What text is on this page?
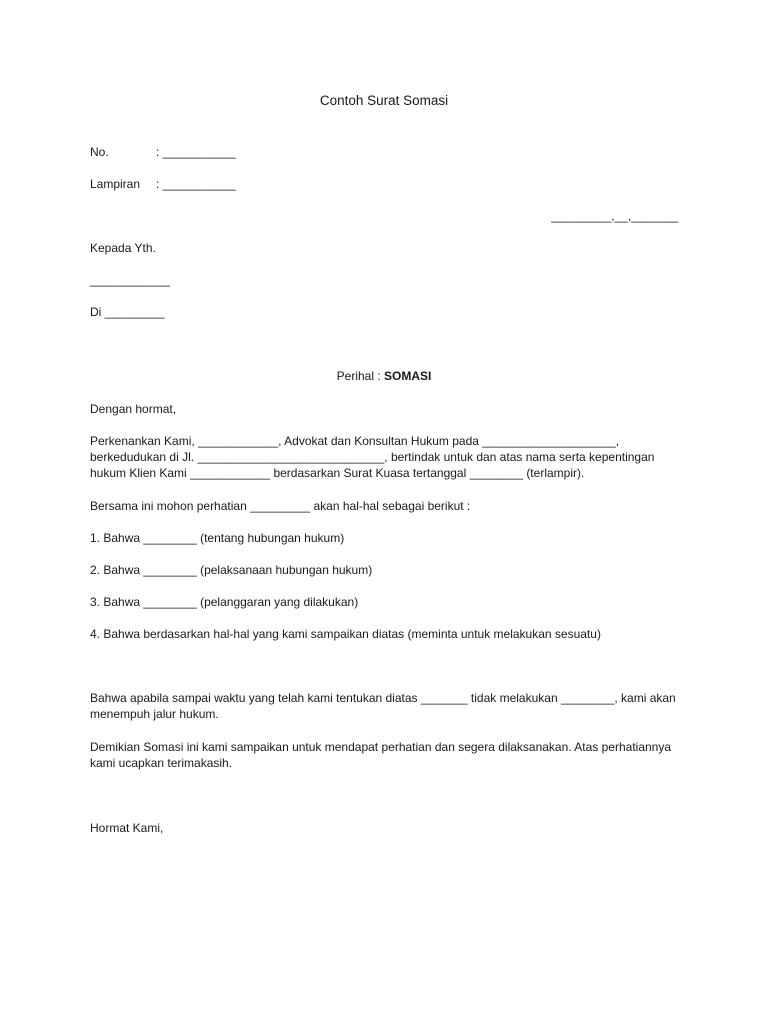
Contoh Surat Somasi
No.	: ___________
Lampiran : ___________
_________,__,_______
Kepada Yth.
____________
Di _________
Perihal : SOMASI
Dengan hormat,
Perkenankan Kami, ____________, Advokat dan Konsultan Hukum pada ____________________,
berkedudukan di Jl. ____________________________, bertindak untuk dan atas nama serta kepentingan
hukum Klien Kami ____________ berdasarkan Surat Kuasa tertanggal ________ (terlampir).
Bersama ini mohon perhatian _________ akan hal-hal sebagai berikut :
1. Bahwa ________ (tentang hubungan hukum)
2. Bahwa ________ (pelaksanaan hubungan hukum)
3. Bahwa ________ (pelanggaran yang dilakukan)
4. Bahwa berdasarkan hal-hal yang kami sampaikan diatas (meminta untuk melakukan sesuatu)
Bahwa apabila sampai waktu yang telah kami tentukan diatas _______ tidak melakukan ________, kami akan
menempuh jalur hukum.
Demikian Somasi ini kami sampaikan untuk mendapat perhatian dan segera dilaksanakan. Atas perhatiannya
kami ucapkan terimakasih.
Hormat Kami,
